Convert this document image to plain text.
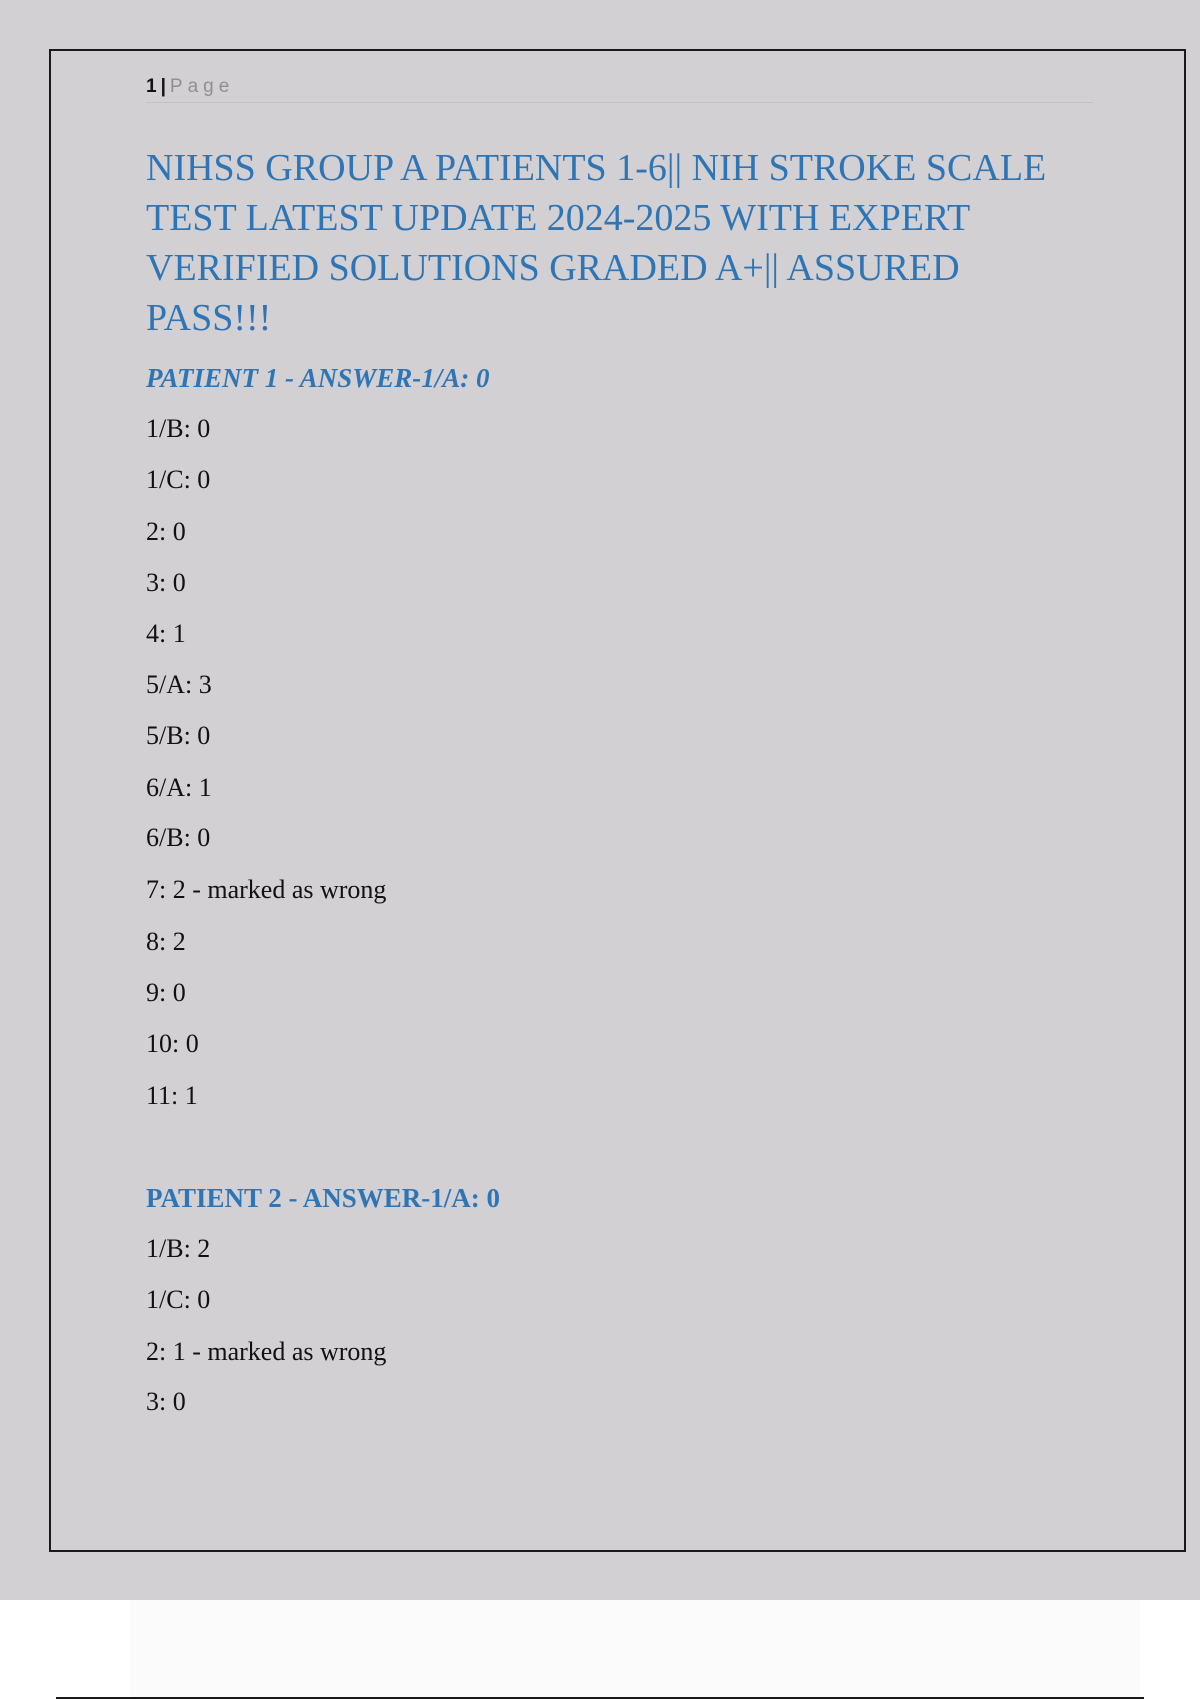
1 | Page
NIHSS GROUP A PATIENTS 1-6|| NIH STROKE SCALE TEST LATEST UPDATE 2024-2025 WITH EXPERT VERIFIED SOLUTIONS GRADED A+|| ASSURED PASS!!!
PATIENT 1 - ANSWER-1/A: 0

1/B: 0

1/C: 0

2: 0

3: 0

4: 1

5/A: 3

5/B: 0

6/A: 1

6/B: 0

7: 2 - marked as wrong

8: 2

9: 0

10: 0

11: 1

PATIENT 2 - ANSWER-1/A: 0

1/B: 2

1/C: 0

2: 1 - marked as wrong

3: 0
